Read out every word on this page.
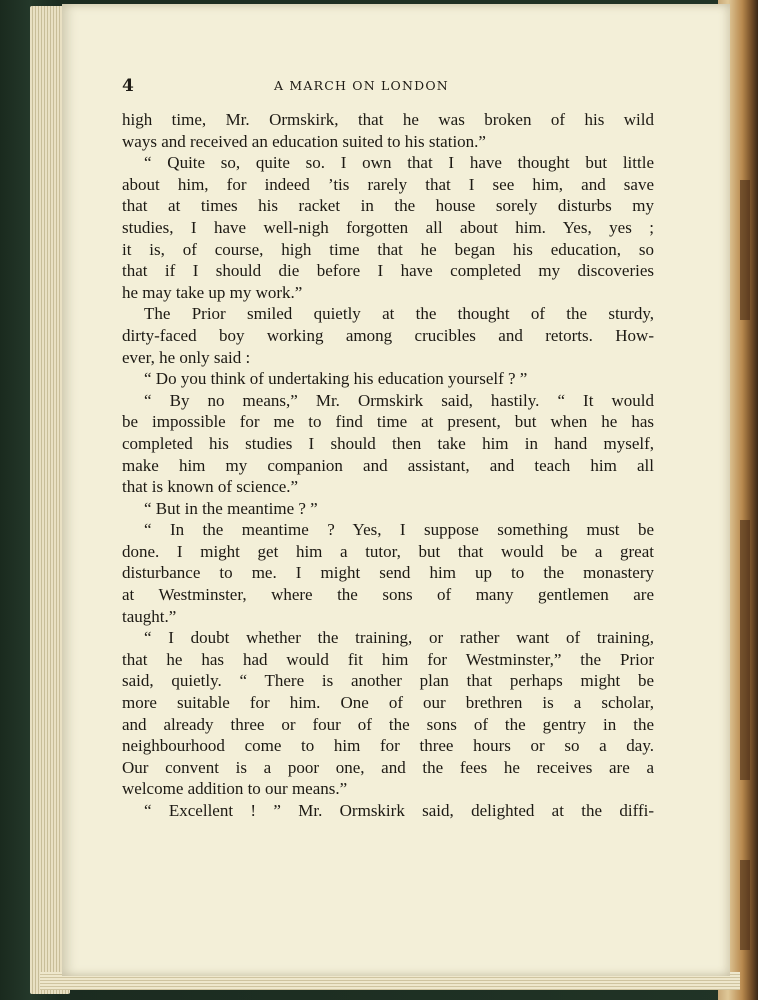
4	A MARCH ON LONDON

high time, Mr. Ormskirk, that he was broken of his wild

ways and received an education suited to his station.”

“ Quite so, quite so. I own that I have thought but little

about him, for indeed ’tis rarely that I see him, and save

that at times his racket in the house sorely disturbs my

studies, I have well-nigh forgotten all about him. Yes, yes ;

it is, of course, high time that he began his education, so

that if I should die before I have completed my discoveries

he may take up my work.”

The Prior smiled quietly at the thought of the sturdy,

dirty-faced boy working among crucibles and retorts. How-

ever, he only said :

“ Do you think of undertaking his education yourself ? ”

“ By no means,” Mr. Ormskirk said, hastily. “ It would

be impossible for me to find time at present, but when he has

completed his studies I should then take him in hand myself,

make him my companion and assistant, and teach him all

that is known of science.”

“ But in the meantime ? ”

“ In the meantime ? Yes, I suppose something must be

done. I might get him a tutor, but that would be a great

disturbance to me. I might send him up to the monastery

at Westminster, where the sons of many gentlemen are

taught.”

“ I doubt whether the training, or rather want of training,

that he has had would fit him for Westminster,” the Prior

said, quietly. “ There is another plan that perhaps might be

more suitable for him. One of our brethren is a scholar,

and already three or four of the sons of the gentry in the

neighbourhood come to him for three hours or so a day.

Our convent is a poor one, and the fees he receives are a

welcome addition to our means.”

“ Excellent ! ” Mr. Ormskirk said, delighted at the diffi-
